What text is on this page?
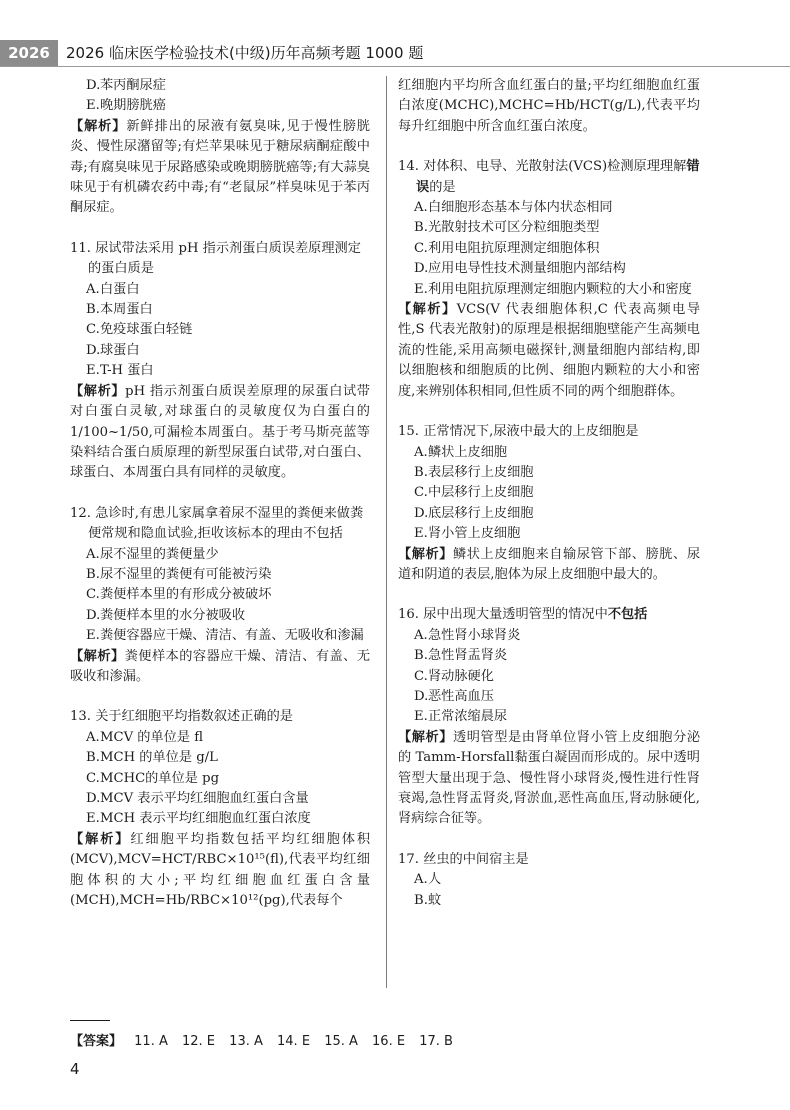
2026	2026 临床医学检验技术(中级)历年高频考题 1000 题
D.苯丙酮尿症
E.晚期膀胱癌
【解析】新鲜排出的尿液有氨臭味,见于慢性膀胱炎、慢性尿潴留等;有烂苹果味见于糖尿病酮症酸中毒;有腐臭味见于尿路感染或晚期膀胱癌等;有大蒜臭味见于有机磷农药中毒;有“老鼠尿”样臭味见于苯丙酮尿症。
11. 尿试带法采用 pH 指示剂蛋白质误差原理测定的蛋白质是
A.白蛋白
B.本周蛋白
C.免疫球蛋白轻链
D.球蛋白
E.T-H 蛋白
【解析】pH 指示剂蛋白质误差原理的尿蛋白试带对白蛋白灵敏,对球蛋白的灵敏度仅为白蛋白的 1/100~1/50,可漏检本周蛋白。基于考马斯亮蓝等染料结合蛋白质原理的新型尿蛋白试带,对白蛋白、球蛋白、本周蛋白具有同样的灵敏度。
12. 急诊时,有患儿家属拿着尿不湿里的粪便来做粪便常规和隐血试验,拒收该标本的理由不包括
A.尿不湿里的粪便量少
B.尿不湿里的粪便有可能被污染
C.粪便样本里的有形成分被破坏
D.粪便样本里的水分被吸收
E.粪便容器应干燥、清洁、有盖、无吸收和渗漏
【解析】粪便样本的容器应干燥、清洁、有盖、无吸收和渗漏。
13. 关于红细胞平均指数叙述正确的是
A.MCV 的单位是 fl
B.MCH 的单位是 g/L
C.MCHC的单位是 pg
D.MCV 表示平均红细胞血红蛋白含量
E.MCH 表示平均红细胞血红蛋白浓度
【解析】红细胞平均指数包括平均红细胞体积(MCV),MCV=HCT/RBC×10¹⁵(fl),代表平均红细胞体积的大小;平均红细胞血红蛋白含量(MCH),MCH=Hb/RBC×10¹²(pg),代表每个
红细胞内平均所含血红蛋白的量;平均红细胞血红蛋白浓度(MCHC),MCHC=Hb/HCT(g/L),代表平均每升红细胞中所含血红蛋白浓度。
14. 对体积、电导、光散射法(VCS)检测原理理解错误的是
A.白细胞形态基本与体内状态相同
B.光散射技术可区分粒细胞类型
C.利用电阻抗原理测定细胞体积
D.应用电导性技术测量细胞内部结构
E.利用电阻抗原理测定细胞内颗粒的大小和密度
【解析】VCS(V 代表细胞体积,C 代表高频电导性,S 代表光散射)的原理是根据细胞壁能产生高频电流的性能,采用高频电磁探针,测量细胞内部结构,即以细胞核和细胞质的比例、细胞内颗粒的大小和密度,来辨别体积相同,但性质不同的两个细胞群体。
15. 正常情况下,尿液中最大的上皮细胞是
A.鳞状上皮细胞
B.表层移行上皮细胞
C.中层移行上皮细胞
D.底层移行上皮细胞
E.肾小管上皮细胞
【解析】鳞状上皮细胞来自输尿管下部、膀胱、尿道和阴道的表层,胞体为尿上皮细胞中最大的。
16. 尿中出现大量透明管型的情况中不包括
A.急性肾小球肾炎
B.急性肾盂肾炎
C.肾动脉硬化
D.恶性高血压
E.正常浓缩晨尿
【解析】透明管型是由肾单位肾小管上皮细胞分泌的 Tamm-Horsfall黏蛋白凝固而形成的。尿中透明管型大量出现于急、慢性肾小球肾炎,慢性进行性肾衰竭,急性肾盂肾炎,肾淤血,恶性高血压,肾动脉硬化,肾病综合征等。
17. 丝虫的中间宿主是
A.人B.蚊
【答案】 11. A 12. E 13. A 14. E 15. A 16. E 17. B
4
